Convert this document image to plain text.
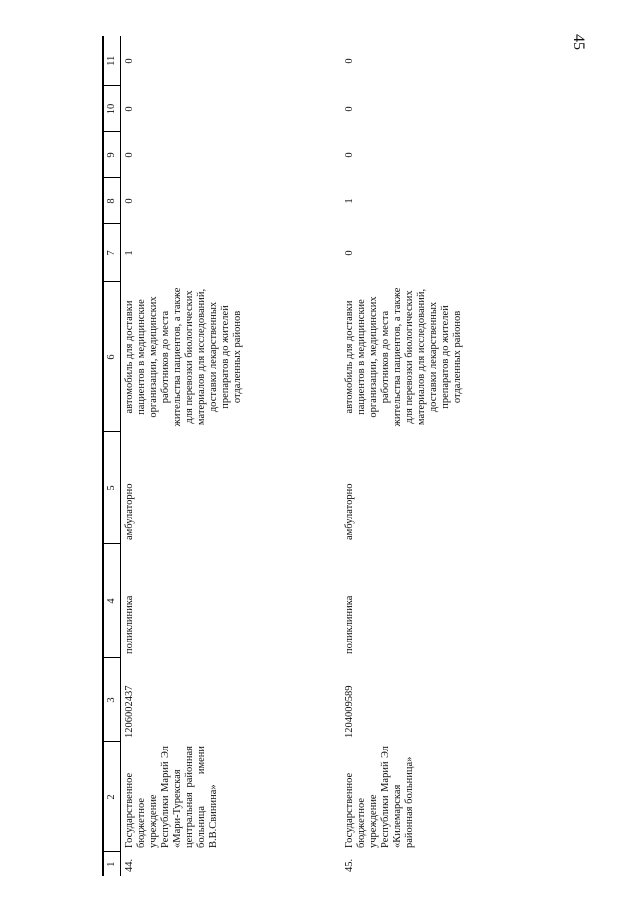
45
1	2	3	4	5	6	7	8	9	10	11
44.	Государственное бюджетное учреждение Республики Марий Эл «Мари-Турекская центральная районная больница имени В.В.Свинина»	1206002437	поликлиника	амбулаторно	автомобиль для доставки пациентов в медицинские организации, медицинских работников до места жительства пациентов, а также для перевозки биологических материалов для исследований, доставки лекарственных препаратов до жителей отдаленных районов	1	0	0	0	0
45.	Государственное бюджетное учреждение Республики Марий Эл «Килемарская районная больница»	1204009589	поликлиника	амбулаторно	автомобиль для доставки пациентов в медицинские организации, медицинских работников до места жительства пациентов, а также для перевозки биологических материалов для исследований, доставки лекарственных препаратов до жителей отдаленных районов	0	1	0	0	0
